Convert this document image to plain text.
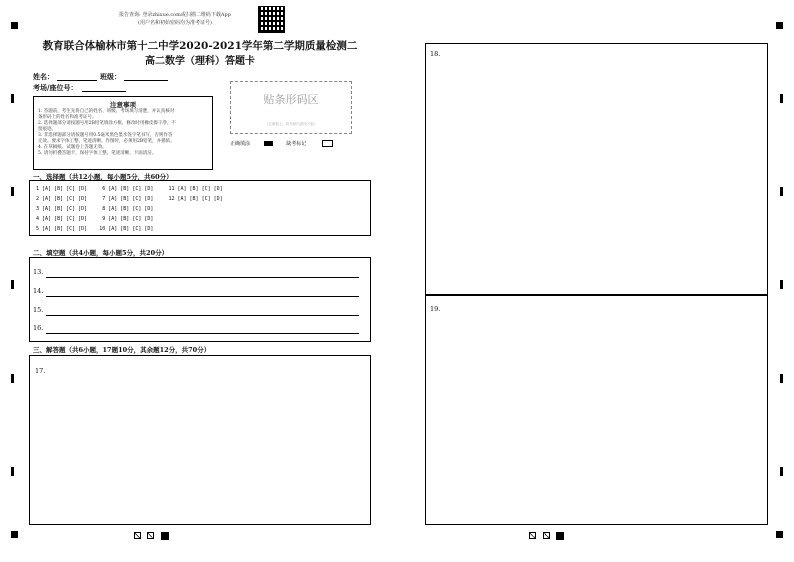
报告查询: 登录zhixue.com或扫描二维码下载App
(用户名和初始密码均为准考证号)
教育联合体榆林市第十二中学2020-2021学年第二学期质量检测二
高二数学（理科）答题卡
姓名：	班级：
考场/座位号：
注意事项

1. 答题前，考生先将自己的姓名、班级、考场填写清楚，并认真核对

条形码上的姓名和准考证号。

2. 选择题部分请按题号用2B铅笔填涂方框，修改时用橡皮擦干净，不

留痕迹。

3. 非选择题部分请按题号用0.5毫米黑色墨水签字笔书写，否则作答

无效。要求字体工整、笔迹清晰。作图时，必须用2B铅笔，并描浓。

4. 在草稿纸、试题卷上答题无效。

5. 请勿折叠答题卡，保持字体工整、笔迹清晰、卡面清洁。

贴条形码区
（正面朝上，切勿贴出虚线方框）
正确填涂	缺考标记
一、选择题（共12小题，每小题5分，共60分）
1 [A] [B] [C] [D]     6 [A] [B] [C] [D]     11 [A] [B] [C] [D]
2 [A] [B] [C] [D]     7 [A] [B] [C] [D]     12 [A] [B] [C] [D]
3 [A] [B] [C] [D]     8 [A] [B] [C] [D]
4 [A] [B] [C] [D]     9 [A] [B] [C] [D]
5 [A] [B] [C] [D]    10 [A] [B] [C] [D]
二、填空题（共4小题，每小题5分，共20分）
13.
14.
15.
16.
三、解答题（共6小题，17题10分，其余题12分，共70分）
17.
18.
19.
